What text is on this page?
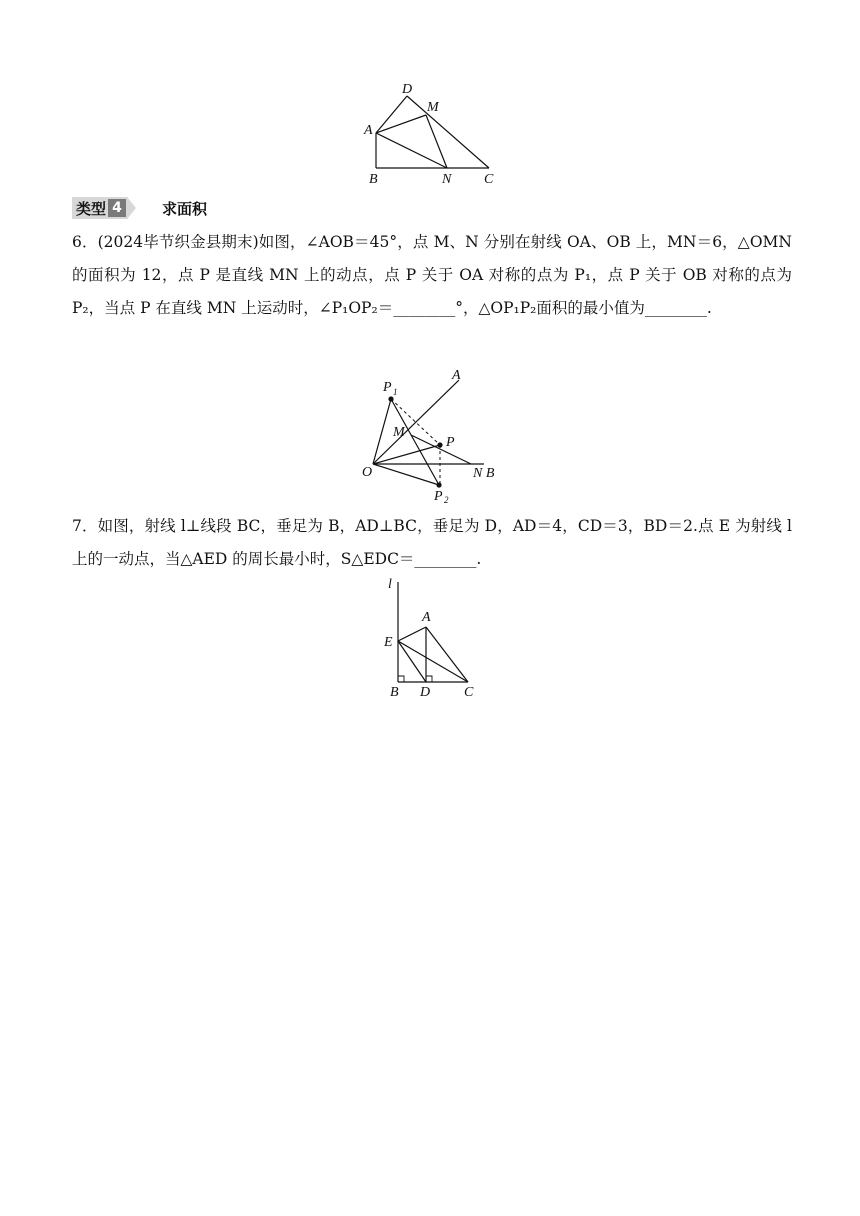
D
M
A
B	N C
类型 4	求面积
6．(2024毕节织金县期末)如图，∠AOB＝45°，点 M、N 分别在射线 OA、OB 上，MN＝6，△OMN 的面积为 12，点 P 是直线 MN 上的动点，点 P 关于 OA 对称的点为 P₁，点 P 关于 OB 对称的点为 P₂，当点 P 在直线 MN 上运动时，∠P₁OP₂＝________°，△OP₁P₂面积的最小值为________.
A
P 1
M
P
O	N B
P 2
7．如图，射线 l⊥线段 BC，垂足为 B，AD⊥BC，垂足为 D，AD＝4，CD＝3，BD＝2.点 E 为射线 l 上的一动点，当△AED 的周长最小时，S△EDC＝________.
l
A
E
B D C
